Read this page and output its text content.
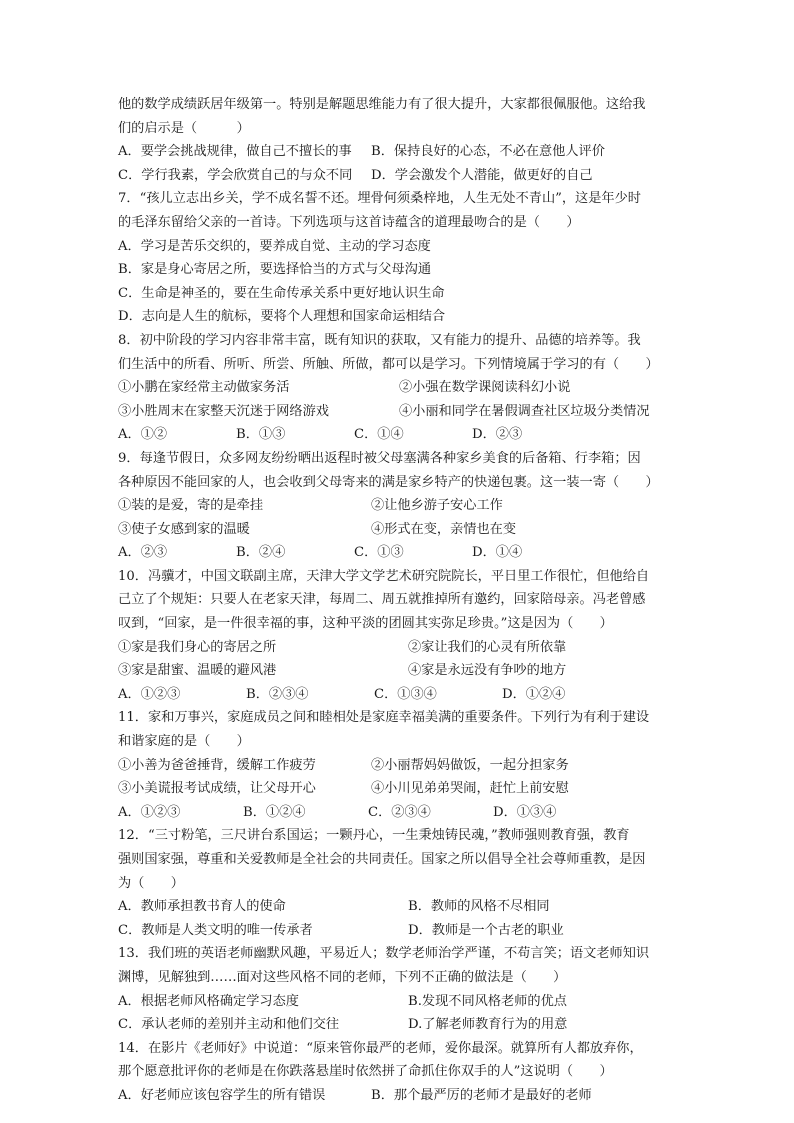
他的数学成绩跃居年级第一。特别是解题思维能力有了很大提升，大家都很佩服他。这给我
们的启示是（　　　）
A．要学会挑战规律，做自己不擅长的事	B．保持良好的心态，不必在意他人评价
C．学行我素，学会欣赏自己的与众不同	D．学会激发个人潜能，做更好的自己
7．“孩儿立志出乡关，学不成名誓不还。埋骨何须桑梓地，人生无处不青山”，这是年少时
的毛泽东留给父亲的一首诗。下列选项与这首诗蕴含的道理最吻合的是（　　）
A．学习是苦乐交织的，要养成自觉、主动的学习态度
B．家是身心寄居之所，要选择恰当的方式与父母沟通
C．生命是神圣的，要在生命传承关系中更好地认识生命
D．志向是人生的航标，要将个人理想和国家命运相结合
8．初中阶段的学习内容非常丰富，既有知识的获取，又有能力的提升、品德的培养等。我
们生活中的所看、所听、所尝、所触、所做，都可以是学习。下列情境属于学习的有（　　）
①小鹏在家经常主动做家务活	②小强在数学课阅读科幻小说
③小胜周末在家整天沉迷于网络游戏	④小丽和同学在暑假调查社区垃圾分类情况
A．①②	B．①③	C．①④	D．②③
9．每逢节假日，众多网友纷纷晒出返程时被父母塞满各种家乡美食的后备箱、行李箱；因
各种原因不能回家的人，也会收到父母寄来的满是家乡特产的快递包裹。这一装一寄（　　）
①装的是爱，寄的是牵挂	②让他乡游子安心工作
③使子女感到家的温暖	④形式在变，亲情也在变
A．②③	B．②④	C．①③	D．①④
10．冯骥才，中国文联副主席，天津大学文学艺术研究院院长，平日里工作很忙，但他给自
己立了个规矩：只要人在老家天津，每周二、周五就推掉所有邀约，回家陪母亲。冯老曾感
叹到，“回家，是一件很幸福的事，这种平淡的团圆其实弥足珍贵。”这是因为（　　）
①家是我们身心的寄居之所	②家让我们的心灵有所依靠
③家是甜蜜、温暖的避风港	④家是永远没有争吵的地方
A．①②③	B．②③④	C．①③④	D．①②④
11．家和万事兴，家庭成员之间和睦相处是家庭幸福美满的重要条件。下列行为有利于建设
和谐家庭的是（　　）
①小善为爸爸捶背，缓解工作疲劳	②小丽帮妈妈做饭，一起分担家务
③小美谎报考试成绩，让父母开心	④小川见弟弟哭闹，赶忙上前安慰
A．①②③	B．①②④	C．②③④	D．①③④
12．“三寸粉笔，三尺讲台系国运；一颗丹心，一生秉烛铸民魂，”教师强则教育强，教育
强则国家强，尊重和关爱教师是全社会的共同责任。国家之所以倡导全社会尊师重教，是因
为（　　）
A．教师承担教书育人的使命	B．教师的风格不尽相同
C．教师是人类文明的唯一传承者	D．教师是一个古老的职业
13．我们班的英语老师幽默风趣，平易近人；数学老师治学严谨，不苟言笑；语文老师知识
渊博，见解独到……面对这些风格不同的老师，下列不正确的做法是（　　）
A．根据老师风格确定学习态度	B.发现不同风格老师的优点
C．承认老师的差别并主动和他们交往	D.了解老师教育行为的用意
14．在影片《老师好》中说道：“原来管你最严的老师，爱你最深。就算所有人都放弃你，
那个愿意批评你的老师是在你跌落悬崖时依然拼了命抓住你双手的人”这说明（　　）
A．好老师应该包容学生的所有错误	B．那个最严厉的老师才是最好的老师
